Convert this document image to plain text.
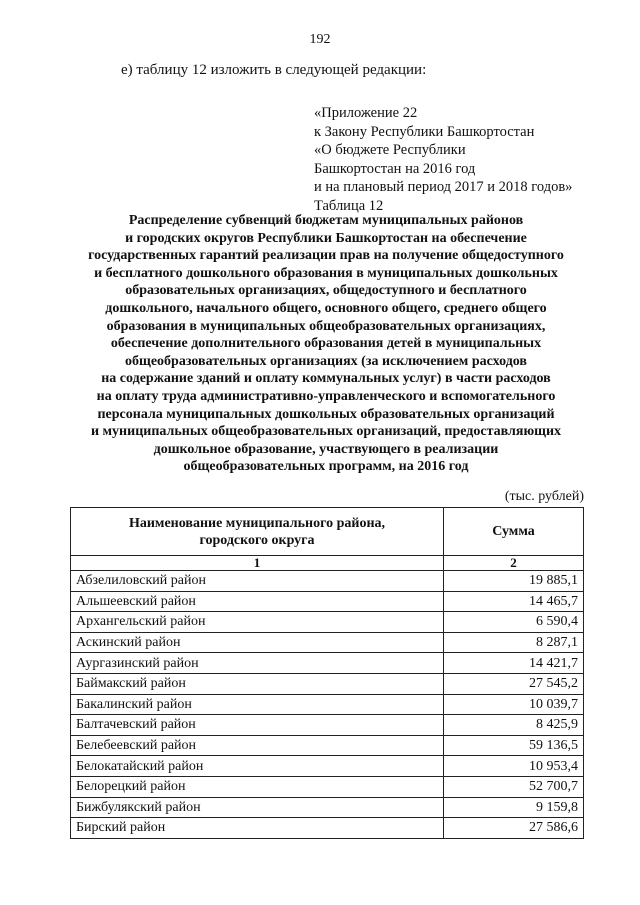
192
е) таблицу 12 изложить в следующей редакции:
«Приложение 22
к Закону Республики Башкортостан
«О бюджете Республики
Башкортостан на 2016 год
и на плановый период 2017 и 2018 годов»
Таблица 12
Распределение субвенций бюджетам муниципальных районов
и городских округов Республики Башкортостан на обеспечение
государственных гарантий реализации прав на получение общедоступного
и бесплатного дошкольного образования в муниципальных дошкольных
образовательных организациях, общедоступного и бесплатного
дошкольного, начального общего, основного общего, среднего общего
образования в муниципальных общеобразовательных организациях,
обеспечение дополнительного образования детей в муниципальных
общеобразовательных организациях (за исключением расходов
на содержание зданий и оплату коммунальных услуг) в части расходов
на оплату труда административно-управленческого и вспомогательного
персонала муниципальных дошкольных образовательных организаций
и муниципальных общеобразовательных организаций, предоставляющих
дошкольное образование, участвующего в реализации
общеобразовательных программ, на 2016 год
(тыс. рублей)
Наименование муниципального района,
городского округа	Сумма
1	2
Абзелиловский район	19 885,1
Альшеевский район	14 465,7
Архангельский район	6 590,4
Аскинский район	8 287,1
Аургазинский район	14 421,7
Баймакский район	27 545,2
Бакалинский район	10 039,7
Балтачевский район	8 425,9
Белебеевский район	59 136,5
Белокатайский район	10 953,4
Белорецкий район	52 700,7
Бижбулякский район	9 159,8
Бирский район	27 586,6
